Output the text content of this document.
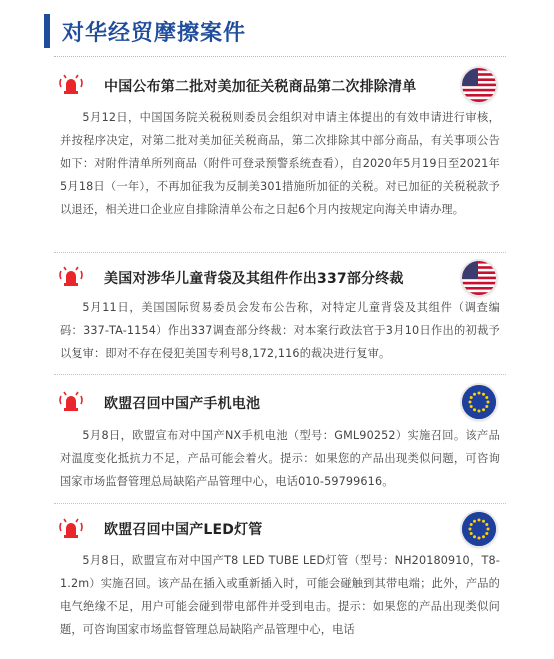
对华经贸摩擦案件
中国公布第二批对美加征关税商品第二次排除清单

5月12日，中国国务院关税税则委员会组织对申请主体提出的有效申请进行审核，并按程序决定，对第二批对美加征关税商品，第二次排除其中部分商品，有关事项公告如下：对附件清单所列商品（附件可登录预警系统查看），自2020年5月19日至2021年5月18日（一年），不再加征我为反制美301措施所加征的关税。对已加征的关税税款予以退还，相关进口企业应自排除清单公布之日起6个月内按规定向海关申请办理。

美国对涉华儿童背袋及其组件作出337部分终裁

5月11日，美国国际贸易委员会发布公告称，对特定儿童背袋及其组件（调查编码：337-TA-1154）作出337调查部分终裁：对本案行政法官于3月10日作出的初裁予以复审：即对不存在侵犯美国专利号8,172,116的裁决进行复审。

欧盟召回中国产手机电池

5月8日，欧盟宣布对中国产NX手机电池（型号：GML90252）实施召回。该产品对温度变化抵抗力不足，产品可能会着火。提示：如果您的产品出现类似问题，可咨询国家市场监督管理总局缺陷产品管理中心，电话010-59799616。

欧盟召回中国产LED灯管

5月8日，欧盟宣布对中国产T8 LED TUBE LED灯管（型号：NH20180910，T8-1.2m）实施召回。该产品在插入或重新插入时，可能会碰触到其带电端；此外，产品的电气绝缘不足，用户可能会碰到带电部件并受到电击。提示：如果您的产品出现类似问题，可咨询国家市场监督管理总局缺陷产品管理中心，电话
